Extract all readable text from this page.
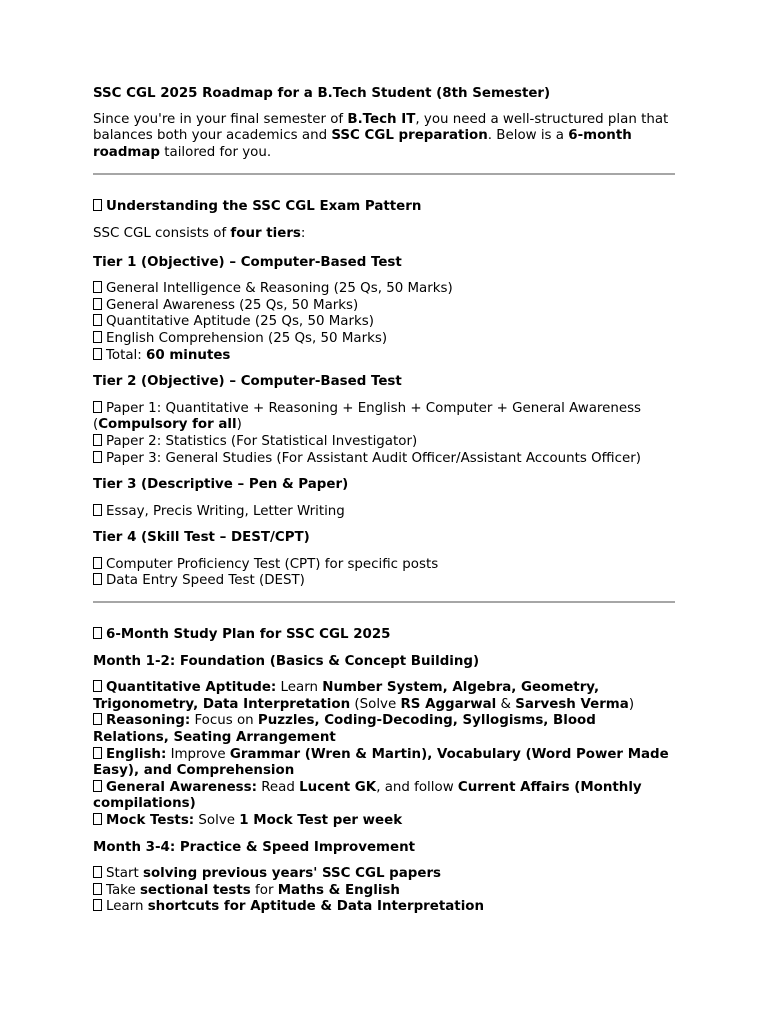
SSC CGL 2025 Roadmap for a B.Tech Student (8th Semester)

Since you're in your final semester of B.Tech IT, you need a well-structured plan that balances both your academics and SSC CGL preparation. Below is a 6-month roadmap tailored for you.

Understanding the SSC CGL Exam Pattern

SSC CGL consists of four tiers:

Tier 1 (Objective) – Computer-Based Test

General Intelligence & Reasoning (25 Qs, 50 Marks)
General Awareness (25 Qs, 50 Marks)
Quantitative Aptitude (25 Qs, 50 Marks)
English Comprehension (25 Qs, 50 Marks)
Total: 60 minutes

Tier 2 (Objective) – Computer-Based Test

Paper 1: Quantitative + Reasoning + English + Computer + General Awareness (Compulsory for all)
Paper 2: Statistics (For Statistical Investigator)
Paper 3: General Studies (For Assistant Audit Officer/Assistant Accounts Officer)

Tier 3 (Descriptive – Pen & Paper)

Essay, Precis Writing, Letter Writing

Tier 4 (Skill Test – DEST/CPT)

Computer Proficiency Test (CPT) for specific posts
Data Entry Speed Test (DEST)

6-Month Study Plan for SSC CGL 2025

Month 1-2: Foundation (Basics & Concept Building)

Quantitative Aptitude: Learn Number System, Algebra, Geometry, Trigonometry, Data Interpretation (Solve RS Aggarwal & Sarvesh Verma)
Reasoning: Focus on Puzzles, Coding-Decoding, Syllogisms, Blood Relations, Seating Arrangement
English: Improve Grammar (Wren & Martin), Vocabulary (Word Power Made Easy), and Comprehension
General Awareness: Read Lucent GK, and follow Current Affairs (Monthly compilations)
Mock Tests: Solve 1 Mock Test per week

Month 3-4: Practice & Speed Improvement

Start solving previous years' SSC CGL papers
Take sectional tests for Maths & English
Learn shortcuts for Aptitude & Data Interpretation
